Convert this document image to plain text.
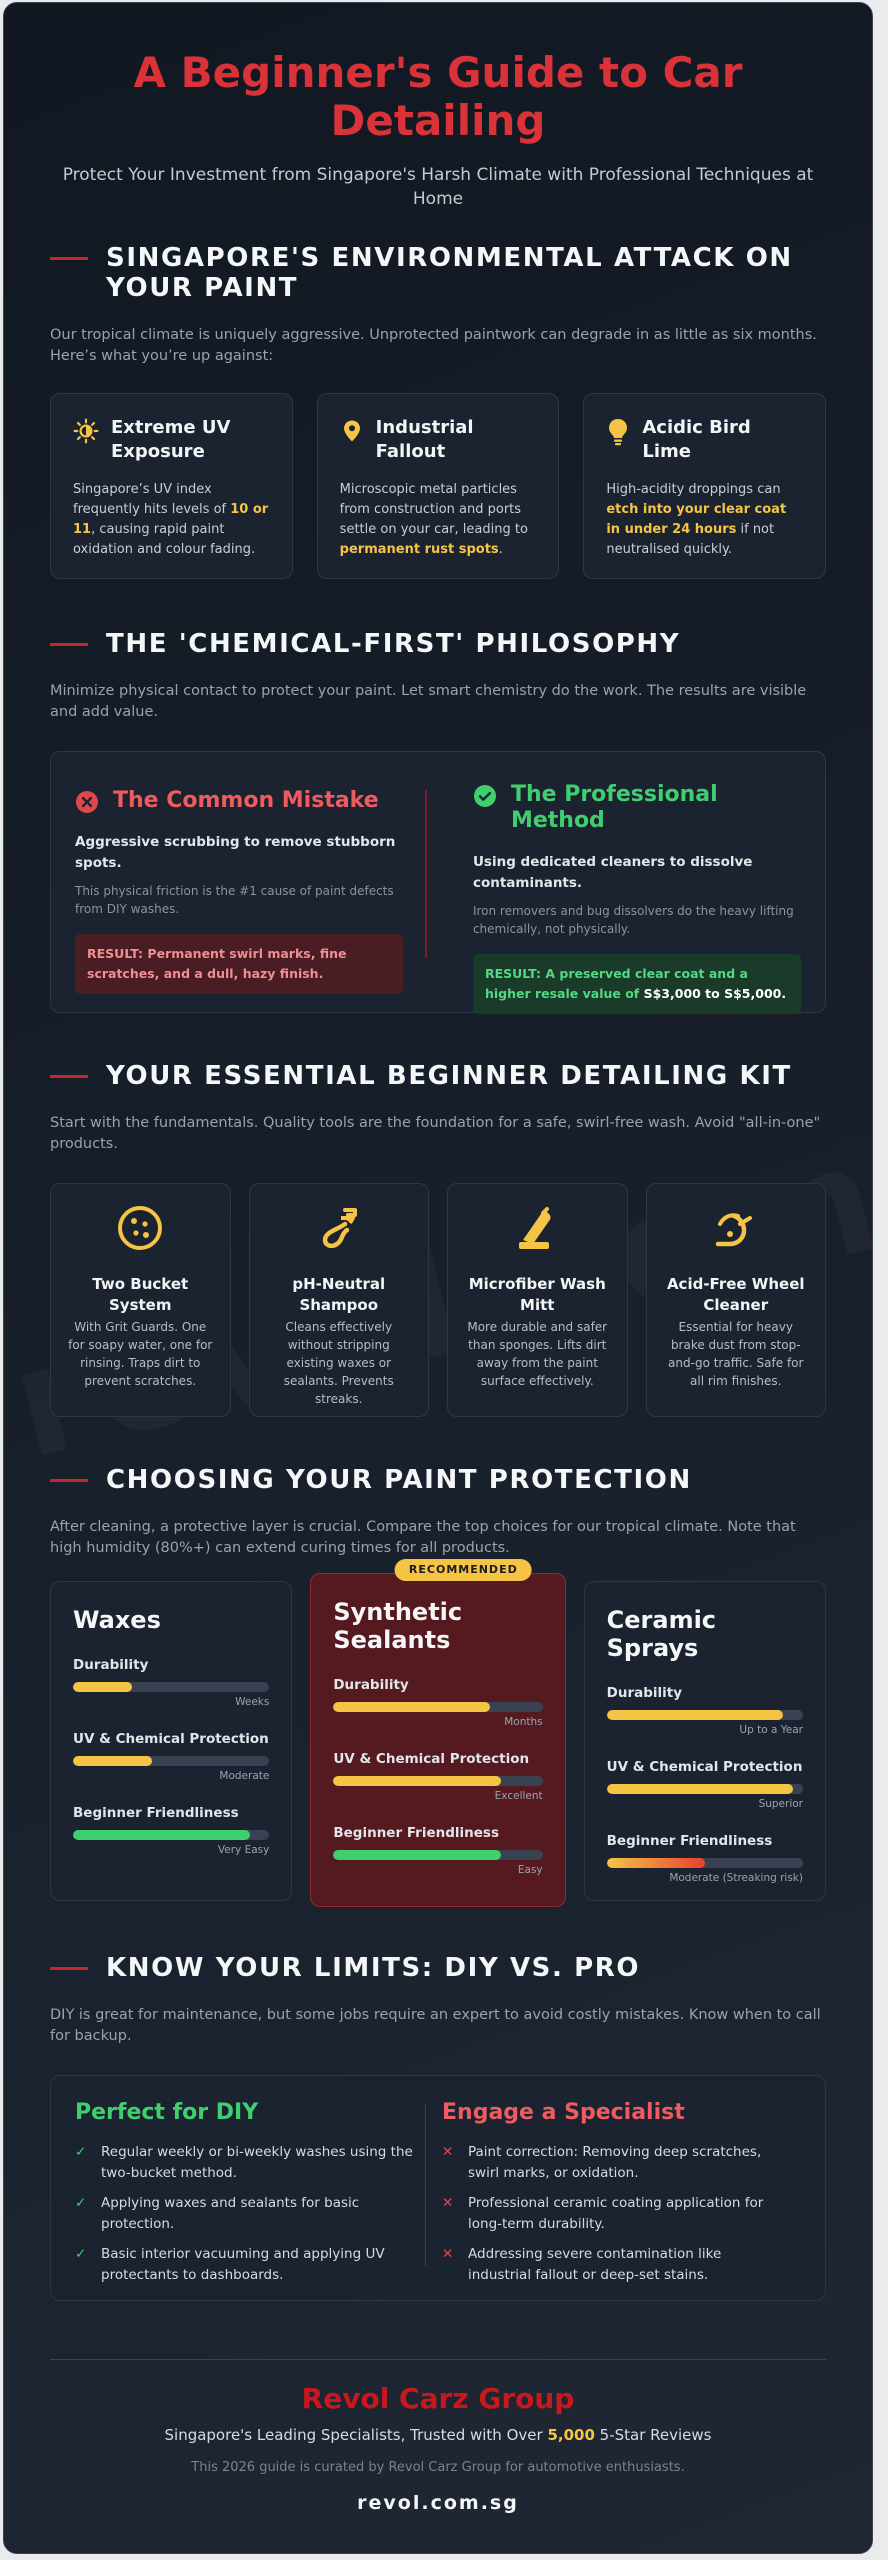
A Beginner's Guide to Car Detailing
Protect Your Investment from Singapore's Harsh Climate with Professional Techniques at Home
SINGAPORE'S ENVIRONMENTAL ATTACK ON YOUR PAINT
Our tropical climate is uniquely aggressive. Unprotected paintwork can degrade in as little as six months. Here’s what you’re up against:
Extreme UV Exposure

Singapore’s UV index frequently hits levels of 10 or 11, causing rapid paint oxidation and colour fading.

Industrial Fallout

Microscopic metal particles from construction and ports settle on your car, leading to permanent rust spots.

Acidic Bird Lime

High-acidity droppings can etch into your clear coat in under 24 hours if not neutralised quickly.

THE 'CHEMICAL-FIRST' PHILOSOPHY
Minimize physical contact to protect your paint. Let smart chemistry do the work. The results are visible and add value.
The Common Mistake
Aggressive scrubbing to remove stubborn spots.
This physical friction is the #1 cause of paint defects from DIY washes.
RESULT: Permanent swirl marks, fine scratches, and a dull, hazy finish.
The Professional Method
Using dedicated cleaners to dissolve contaminants.
Iron removers and bug dissolvers do the heavy lifting chemically, not physically.
RESULT: A preserved clear coat and a higher resale value of S$3,000 to S$5,000.
YOUR ESSENTIAL BEGINNER DETAILING KIT
Start with the fundamentals. Quality tools are the foundation for a safe, swirl-free wash. Avoid "all-in-one" products.
Two Bucket System
With Grit Guards. One for soapy water, one for rinsing. Traps dirt to prevent scratches.
pH-Neutral Shampoo
Cleans effectively without stripping existing waxes or sealants. Prevents streaks.
Microfiber Wash Mitt
More durable and safer than sponges. Lifts dirt away from the paint surface effectively.
Acid-Free Wheel Cleaner
Essential for heavy brake dust from stop-and-go traffic. Safe for all rim finishes.
CHOOSING YOUR PAINT PROTECTION
After cleaning, a protective layer is crucial. Compare the top choices for our tropical climate. Note that high humidity (80%+) can extend curing times for all products.
Waxes
Durability
Weeks
UV & Chemical Protection
Moderate
Beginner Friendliness
Very Easy
RECOMMENDED
Synthetic Sealants
Durability
Months
UV & Chemical Protection
Excellent
Beginner Friendliness
Easy
Ceramic Sprays
Durability
Up to a Year
UV & Chemical Protection
Superior
Beginner Friendliness
Moderate (Streaking risk)
KNOW YOUR LIMITS: DIY VS. PRO
DIY is great for maintenance, but some jobs require an expert to avoid costly mistakes. Know when to call for backup.
Perfect for DIY
✓ Regular weekly or bi-weekly washes using the two-bucket method.
✓ Applying waxes and sealants for basic protection.
✓ Basic interior vacuuming and applying UV protectants to dashboards.
Engage a Specialist
✕ Paint correction: Removing deep scratches, swirl marks, or oxidation.
✕ Professional ceramic coating application for long-term durability.
✕ Addressing severe contamination like industrial fallout or deep-set stains.
Revol Carz Group
Singapore's Leading Specialists, Trusted with Over 5,000 5-Star Reviews
This 2026 guide is curated by Revol Carz Group for automotive enthusiasts.
revol.com.sg
